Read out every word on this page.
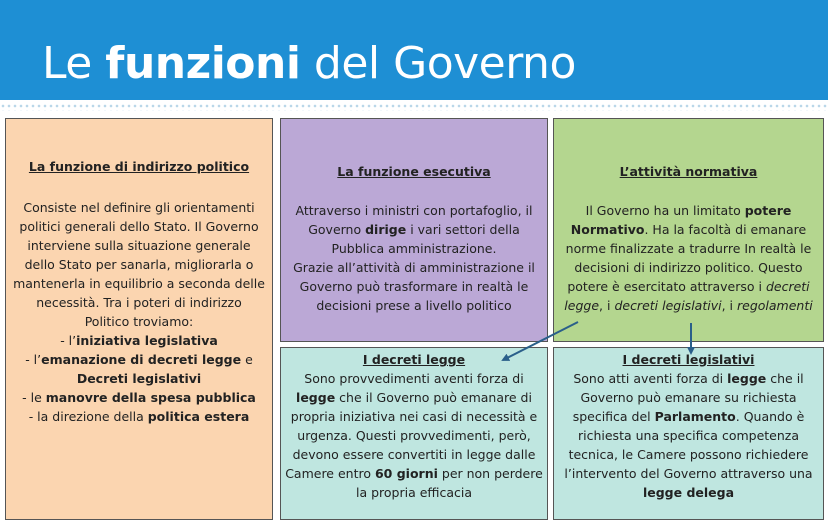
Le funzioni del Governo
La funzione di indirizzo politico
Consiste nel definire gli orientamenti politici generali dello Stato. Il Governo interviene sulla situazione generale dello Stato per sanarla, migliorarla o mantenerla in equilibrio a seconda delle necessità. Tra i poteri di indirizzo Politico troviamo:
- l’iniziativa legislativa
- l’emanazione di decreti legge e
Decreti legislativi
- le manovre della spesa pubblica
- la direzione della politica estera
La funzione esecutiva
Attraverso i ministri con portafoglio, il Governo dirige i vari settori della Pubblica amministrazione.
Grazie all’attività di amministrazione il Governo può trasformare in realtà le decisioni prese a livello politico
L’attività normativa
Il Governo ha un limitato potere Normativo. Ha la facoltà di emanare norme finalizzate a tradurre In realtà le decisioni di indirizzo politico. Questo potere è esercitato attraverso i decreti legge, i decreti legislativi, i regolamenti
I decreti legge
Sono provvedimenti aventi forza di legge che il Governo può emanare di propria iniziativa nei casi di necessità e urgenza. Questi provvedimenti, però, devono essere convertiti in legge dalle Camere entro 60 giorni per non perdere la propria efficacia
I decreti legislativi
Sono atti aventi forza di legge che il Governo può emanare su richiesta specifica del Parlamento. Quando è richiesta una specifica competenza tecnica, le Camere possono richiedere l’intervento del Governo attraverso una legge delega
